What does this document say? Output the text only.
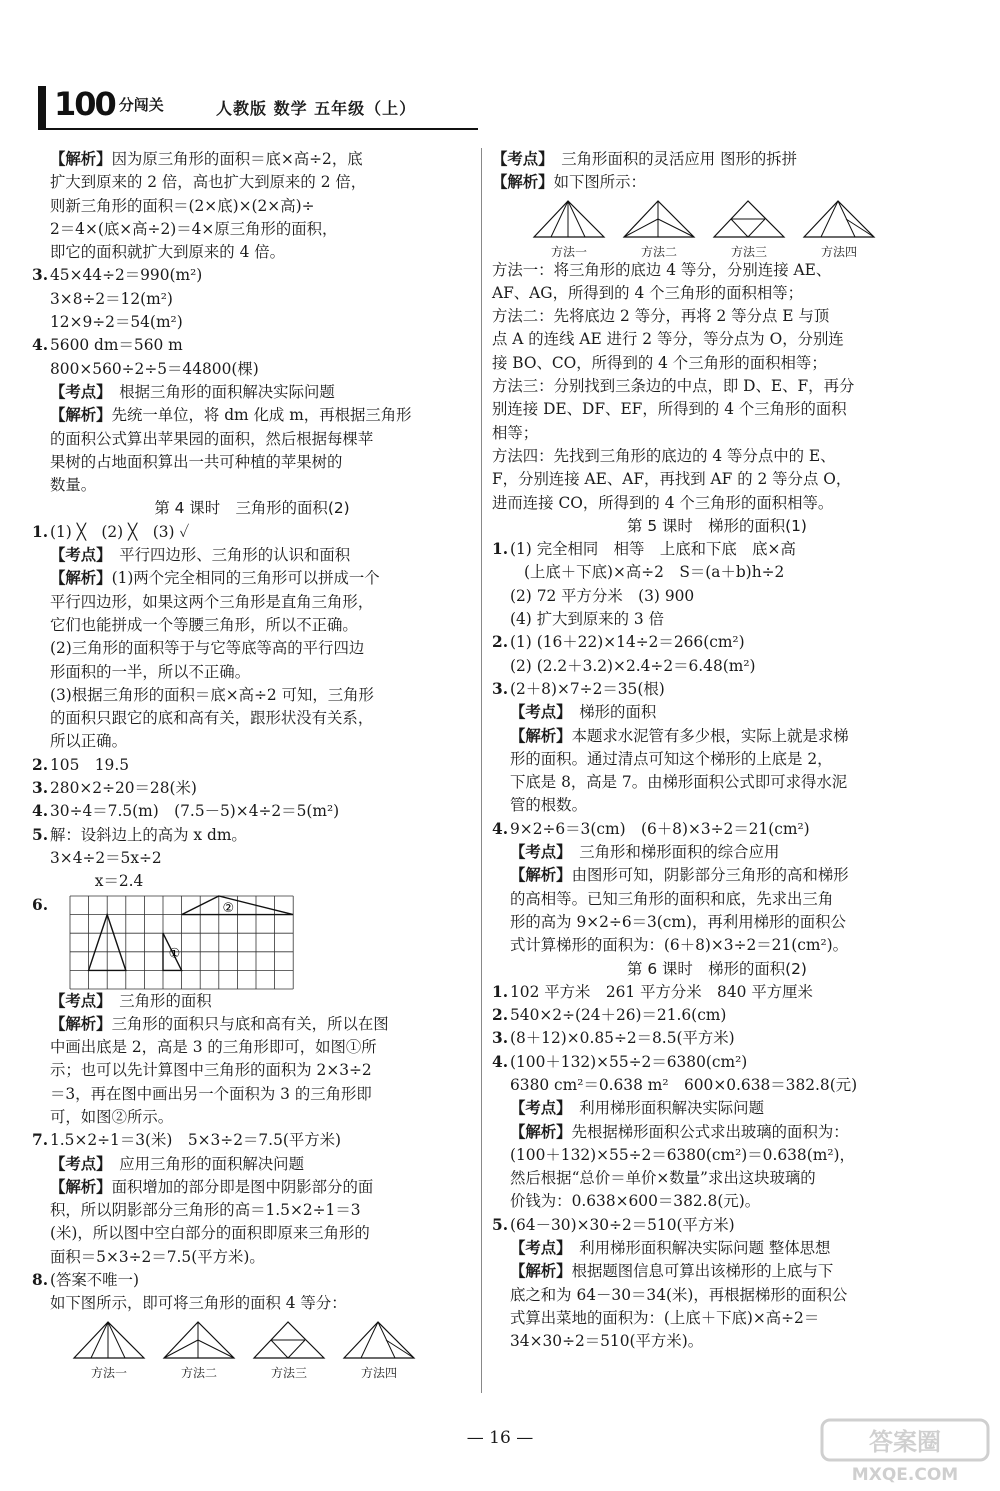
100 分闯关	人教版 数学 五年级（上）
【解析】因为原三角形的面积＝底×高÷2，底
扩大到原来的 2 倍，高也扩大到原来的 2 倍，
则新三角形的面积＝(2×底)×(2×高)÷
2＝4×(底×高÷2)＝4×原三角形的面积，
即它的面积就扩大到原来的 4 倍。
3. 45×44÷2＝990(m²)
3×8÷2＝12(m²)
12×9÷2＝54(m²)
4. 5600 dm＝560 m
800×560÷2÷5＝44800(棵)
【考点】　根据三角形的面积解决实际问题
【解析】先统一单位，将 dm 化成 m，再根据三角形
的面积公式算出苹果园的面积，然后根据每棵苹
果树的占地面积算出一共可种植的苹果树的
数量。
第 4 课时　三角形的面积(2)
1. (1) ╳　(2) ╳　(3) ✓
【考点】　平行四边形、三角形的认识和面积
【解析】(1)两个完全相同的三角形可以拼成一个
平行四边形，如果这两个三角形是直角三角形，
它们也能拼成一个等腰三角形，所以不正确。
(2)三角形的面积等于与它等底等高的平行四边
形面积的一半，所以不正确。
(3)根据三角形的面积＝底×高÷2 可知，三角形
的面积只跟它的底和高有关，跟形状没有关系，
所以正确。
2. 105　19.5
3. 280×2÷20＝28(米)
4. 30÷4＝7.5(m)　(7.5－5)×4÷2＝5(m²)
5. 解：设斜边上的高为 x dm。
3×4÷2＝5x÷2
　　x＝2.4
6.
①
②
【考点】　三角形的面积
【解析】三角形的面积只与底和高有关，所以在图
中画出底是 2，高是 3 的三角形即可，如图①所
示；也可以先计算图中三角形的面积为 2×3÷2
＝3，再在图中画出另一个面积为 3 的三角形即
可，如图②所示。
7. 1.5×2÷1＝3(米)　5×3÷2＝7.5(平方米)
【考点】　应用三角形的面积解决问题
【解析】面积增加的部分即是图中阴影部分的面
积，所以阴影部分三角形的高＝1.5×2÷1＝3
(米)，所以图中空白部分的面积即原来三角形的
面积＝5×3÷2＝7.5(平方米)。
8. (答案不唯一)
如下图所示，即可将三角形的面积 4 等分：
方法一	方法二	方法三	方法四
【考点】　三角形面积的灵活应用 图形的拆拼
【解析】如下图所示：
方法一	方法二	方法三	方法四
方法一：将三角形的底边 4 等分，分别连接 AE、
AF、AG，所得到的 4 个三角形的面积相等；
方法二：先将底边 2 等分，再将 2 等分点 E 与顶
点 A 的连线 AE 进行 2 等分，等分点为 O，分别连
接 BO、CO，所得到的 4 个三角形的面积相等；
方法三：分别找到三条边的中点，即 D、E、F，再分
别连接 DE、DF、EF，所得到的 4 个三角形的面积
相等；
方法四：先找到三角形的底边的 4 等分点中的 E、
F，分别连接 AE、AF，再找到 AF 的 2 等分点 O，
进而连接 CO，所得到的 4 个三角形的面积相等。
第 5 课时　梯形的面积(1)
1. (1) 完全相同　相等　上底和下底　底×高
(上底＋下底)×高÷2　S＝(a＋b)h÷2
(2) 72 平方分米　(3) 900
(4) 扩大到原来的 3 倍
2. (1) (16＋22)×14÷2＝266(cm²)
(2) (2.2＋3.2)×2.4÷2＝6.48(m²)
3. (2＋8)×7÷2＝35(根)
【考点】　梯形的面积
【解析】本题求水泥管有多少根，实际上就是求梯
形的面积。通过清点可知这个梯形的上底是 2，
下底是 8，高是 7。由梯形面积公式即可求得水泥
管的根数。
4. 9×2÷6＝3(cm)　(6＋8)×3÷2＝21(cm²)
【考点】　三角形和梯形面积的综合应用
【解析】由图形可知，阴影部分三角形的高和梯形
的高相等。已知三角形的面积和底，先求出三角
形的高为 9×2÷6＝3(cm)，再利用梯形的面积公
式计算梯形的面积为：(6＋8)×3÷2＝21(cm²)。
第 6 课时　梯形的面积(2)
1. 102 平方米　261 平方分米　840 平方厘米
2. 540×2÷(24＋26)＝21.6(cm)
3. (8＋12)×0.85÷2＝8.5(平方米)
4. (100＋132)×55÷2＝6380(cm²)
6380 cm²＝0.638 m²　600×0.638＝382.8(元)
【考点】　利用梯形面积解决实际问题
【解析】先根据梯形面积公式求出玻璃的面积为：
(100＋132)×55÷2＝6380(cm²)＝0.638(m²)，
然后根据“总价＝单价×数量”求出这块玻璃的
价钱为：0.638×600＝382.8(元)。
5. (64－30)×30÷2＝510(平方米)
【考点】　利用梯形面积解决实际问题 整体思想
【解析】根据题图信息可算出该梯形的上底与下
底之和为 64－30＝34(米)，再根据梯形的面积公
式算出菜地的面积为：(上底＋下底)×高÷2＝
34×30÷2＝510(平方米)。
— 16 —	答案圈
MXQE.COM
